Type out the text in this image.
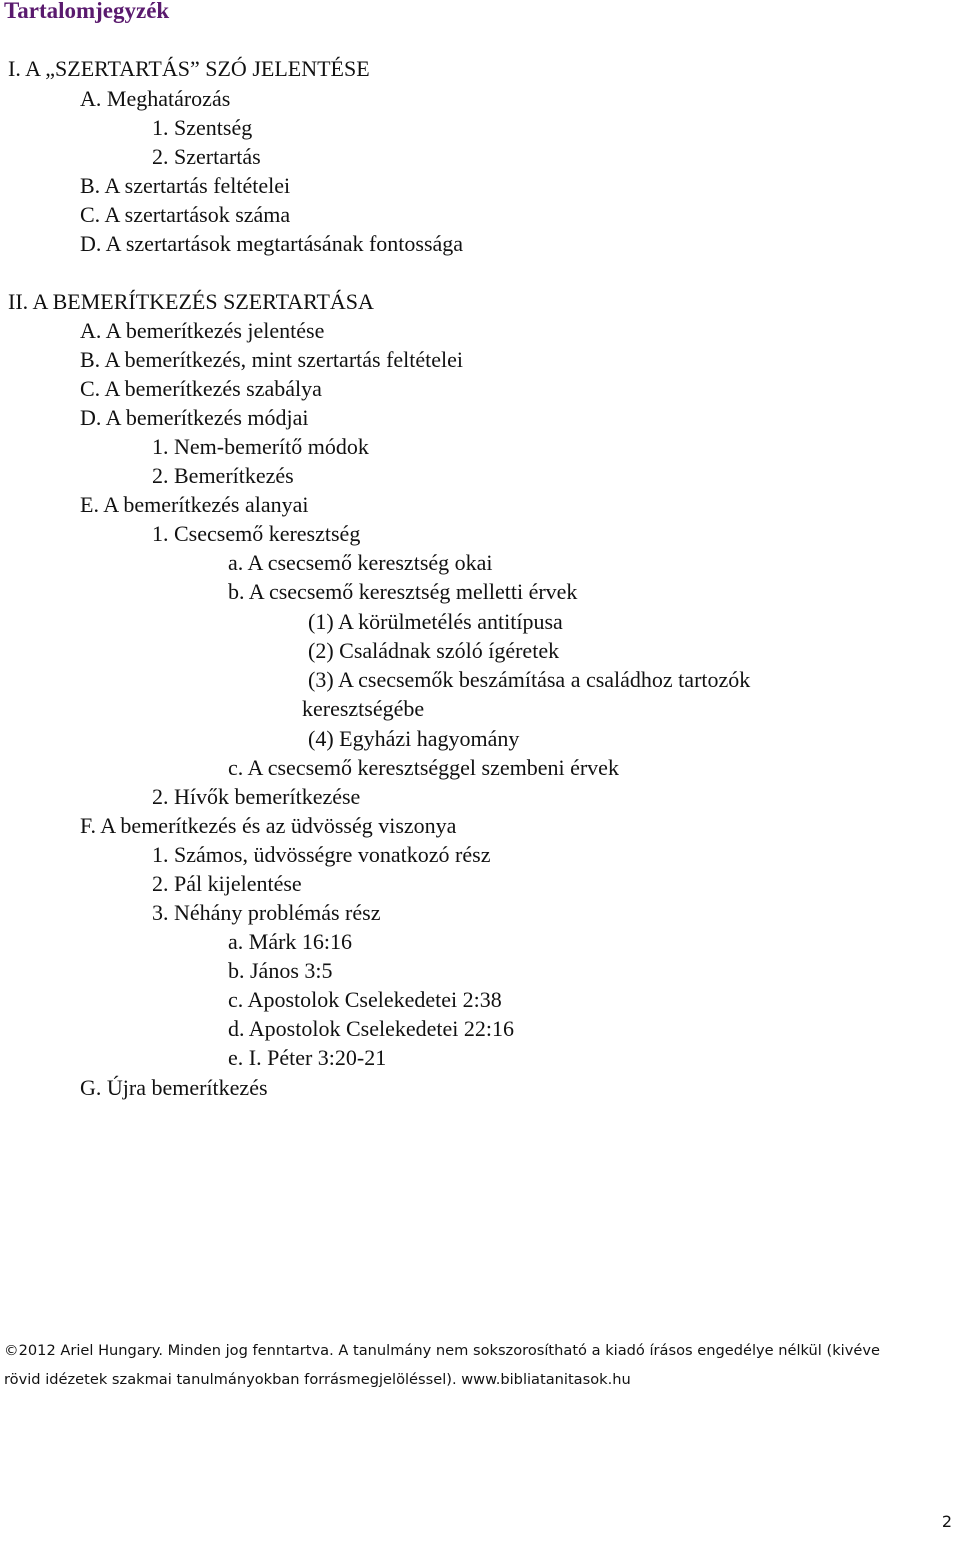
Tartalomjegyzék
I. A „SZERTARTÁS” SZÓ JELENTÉSE
A. Meghatározás
1. Szentség
2. Szertartás
B. A szertartás feltételei
C. A szertartások száma
D. A szertartások megtartásának fontossága
II. A BEMERÍTKEZÉS SZERTARTÁSA
A. A bemerítkezés jelentése
B. A bemerítkezés, mint szertartás feltételei
C. A bemerítkezés szabálya
D. A bemerítkezés módjai
1. Nem-bemerítő módok
2. Bemerítkezés
E. A bemerítkezés alanyai
1. Csecsemő keresztség
a. A csecsemő keresztség okai
b. A csecsemő keresztség melletti érvek
(1) A körülmetélés antitípusa
(2) Családnak szóló ígéretek
(3) A csecsemők beszámítása a családhoz tartozók
keresztségébe
(4) Egyházi hagyomány
c. A csecsemő keresztséggel szembeni érvek
2. Hívők bemerítkezése
F. A bemerítkezés és az üdvösség viszonya
1. Számos, üdvösségre vonatkozó rész
2. Pál kijelentése
3. Néhány problémás rész
a. Márk 16:16
b. János 3:5
c. Apostolok Cselekedetei 2:38
d. Apostolok Cselekedetei 22:16
e. I. Péter 3:20-21
G. Újra bemerítkezés
©2012 Ariel Hungary. Minden jog fenntartva. A tanulmány nem sokszorosítható a kiadó írásos engedélye nélkül (kivéve
rövid idézetek szakmai tanulmányokban forrásmegjelöléssel). www.bibliatanitasok.hu
2
